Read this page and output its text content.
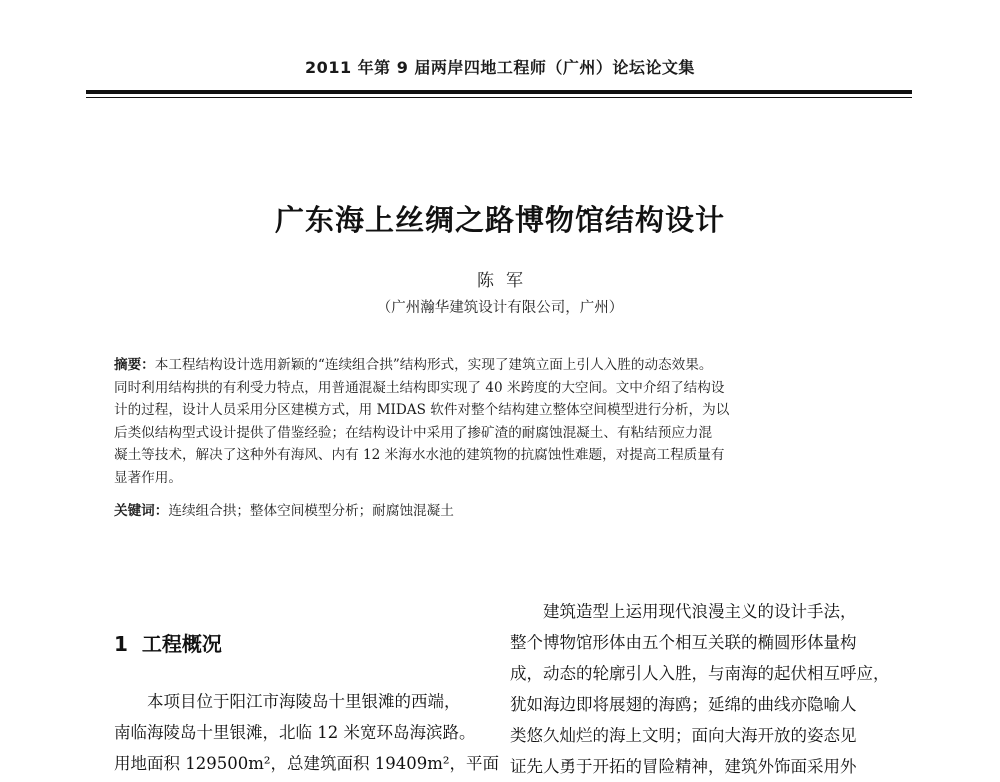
2011 年第 9 届两岸四地工程师（广州）论坛论文集
广东海上丝绸之路博物馆结构设计
陈军
（广州瀚华建筑设计有限公司，广州）
摘要：本工程结构设计选用新颖的“连续组合拱”结构形式，实现了建筑立面上引人入胜的动态效果。
同时利用结构拱的有利受力特点，用普通混凝土结构即实现了 40 米跨度的大空间。文中介绍了结构设
计的过程，设计人员采用分区建模方式，用 MIDAS 软件对整个结构建立整体空间模型进行分析，为以
后类似结构型式设计提供了借鉴经验；在结构设计中采用了掺矿渣的耐腐蚀混凝土、有粘结预应力混
凝土等技术，解决了这种外有海风、内有 12 米海水水池的建筑物的抗腐蚀性难题，对提高工程质量有
显著作用。
关键词：连续组合拱；整体空间模型分析；耐腐蚀混凝土
1 工程概况
本项目位于阳江市海陵岛十里银滩的西端，
南临海陵岛十里银滩，北临 12 米宽环岛海滨路。
用地面积 129500m²，总建筑面积 19409m²，平面
建筑造型上运用现代浪漫主义的设计手法，
整个博物馆形体由五个相互关联的椭圆形体量构
成，动态的轮廓引人入胜，与南海的起伏相互呼应，
犹如海边即将展翅的海鸥；延绵的曲线亦隐喻人
类悠久灿烂的海上文明；面向大海开放的姿态见
证先人勇于开拓的冒险精神，建筑外饰面采用外
